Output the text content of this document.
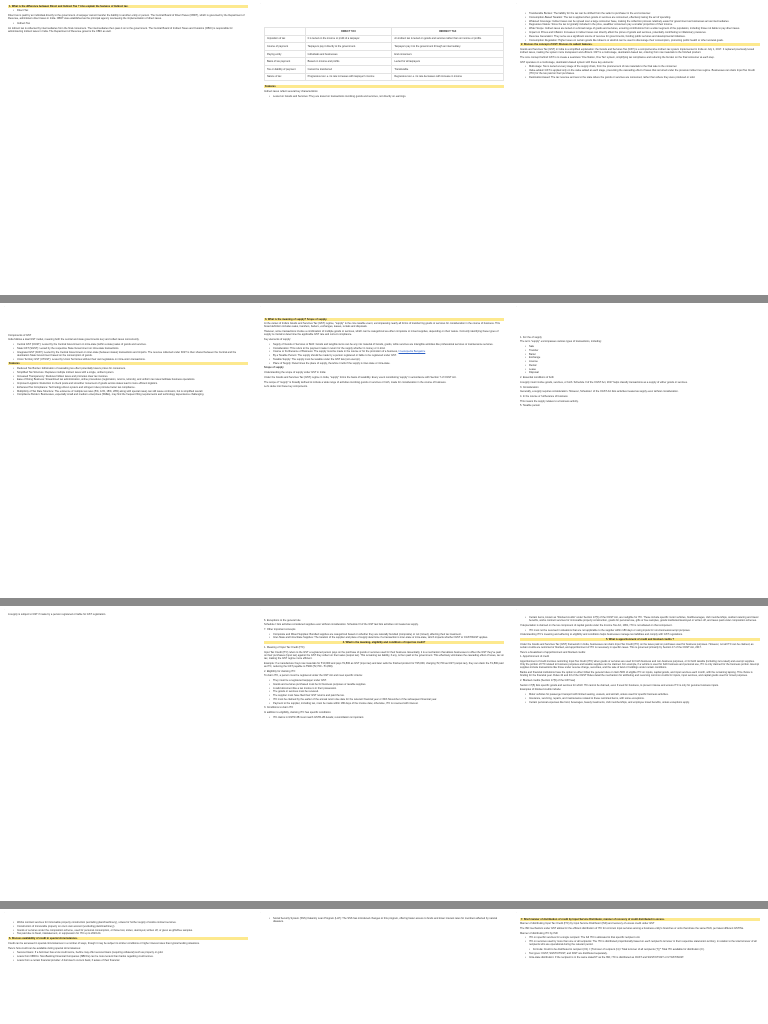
1. What is the difference between Direct and Indirect Tax ? Also explain the features of Indirect tax.
• Direct Tax
Direct tax is paid by an individual directly to the government. A taxpayer cannot transfer the liability to another entity or person. The Central Board of Direct Taxes (CBDT), which is governed by the Department of Revenue, administers direct taxes in India. CBDT was established as the principal agency overseeing the implementation of direct taxes.
• Indirect Tax
An indirect tax is collected by intermediaries from the final consumers. The intermediaries then pass it on to the government. The Central Board of Indirect Taxes and Customs (CBIC) is responsible for administering indirect taxes in India. The Department of Revenue governs the CBIC as well.
·
	DIRECT TAX	INDIRECT TAX
Imposition of tax	It is levied on the income or profit of a taxpayer.	An indirect tax is levied on goods and services rather than on income or profits.
Course of payment	Taxpayers pay it directly to the government.	Taxpayers pay it to the government through an intermediary.
Paying entity	Individuals and businesses	End consumers
Basis of tax payment	Based on income and profits	Levied for all taxpayers
Tax on liability of payment	Cannot be transferred	Transferable
Nature of tax	Progressive tax i.e. its rate increases with taxpayer's income	Regressive tax i.e. its rate decreases with increase in income
Features
Indirect taxes reflect several key characteristics:
• Levied on Goods and Services: They are levied on transactions involving goods and services, not directly on earnings.
·
• Transferable Burden: The liability for the tax can be shifted from the seller to purchaser in the end consumer.
• Consumption-Based Taxation: The tax is applied when goods or services are consumed, effectively taxing the act of spending.
• Widened Coverage: Indirect taxes can be spread over a large consumer base, making the collection process relatively easier for government as businesses act as intermediaries.
• Regressive Nature: Since the tax is typically included in the price, wealthier consumers pay a smaller proportion of their income.
• Wider Scope: Indirect taxes are levied on a broad range of goods and services, ensuring contributions from a wider segment of the population, including those not liable to pay direct taxes.
• Impact on Prices and Inflation: Increases in indirect taxes can directly affect the prices of goods and services, potentially contributing to inflationary pressures.
• Revenue Generation: They serve as a significant source of revenue for governments, funding public services and developmental initiatives.
• Consumption Regulation: Higher taxes on certain goods like tobacco or alcohol can be used to discourage their consumption, promoting public health or other societal goals.
2. Discuss the concept of GST. Discuss its salient features.
Goods and Services Tax (GST) in India is a simplified explanation: the Goods and Services Tax (GST) is a comprehensive indirect tax system implemented in India on July 1, 2017. It replaced previously levied indirect taxes, making the system more transparent and efficient. GST is a multi-stage, destination-based tax, ordering from raw materials to the finished product.
The core concept behind GST is to create a seamless 'One Nation, One Tax' system, simplifying tax compliance and reducing the burden on the final consumer at each step.
GST operates on a multi-stage, destination-based system with these key elements:
• Multi-stage: Tax is levied at every stage of the supply chain, from the procurement of raw materials to the final sale to the consumer.
• Value-added: GST is applied only on the value added at each stage, preventing the cascading effect of taxes that occurred under the previous indirect tax regime. Businesses can claim Input Tax Credit (ITC) for the tax paid on their purchases.
• Destination-based: The tax revenue accrues to the state where the goods or services are consumed, rather than where they were produced or sold.
·
Components of GST
India follows a dual GST model, meaning both the central and state governments levy and collect taxes concurrently.
• Central GST (CGST): Levied by the Central Government on intra-state (within a state) sales of goods and services.
• State GST (SGST): Levied by the respective State Government on intra-state transactions.
• Integrated GST (IGST): Levied by the Central Government on inter-state (between states) transactions and imports. The revenue collected under IGST is then shared between the Central and the destination State Government based on the consumption of goods.
• Union Territory GST (UTGST): Levied by Union Territories without their own legislature on intra-union transactions.
Features
• Reduced Tax Burden: Elimination of cascading tax effect potentially lowers prices for consumers.
• Simplified Tax Structure: Replaces multiple indirect taxes with a single, unified system.
• Increased Transparency: Reduces hidden taxes and promotes clear tax invoices.
• Ease of Doing Business: Streamlined tax administration, online procedures (registration, returns, refunds), and uniform tax rates facilitate business operations.
• Improved Logistics: Reduction in check posts and smoother movement of goods across states lead to more efficient logistics.
• Enhanced Tax Compliance: Technology-driven system and stringent rules promote better tax compliance.
• Multiplicity of Tax Rate Structure: The existence of multiple tax rates (5%, 12%, 18%, 28%) along with special rates) can still cause confusion, but is simplified overall.
• Compliance Burden: Businesses, especially small and medium enterprises (SMEs), may find the frequent filing requirements and technology dependence challenging.
·
3. What is the meaning of supply? Scope of supply.
At the outset of India's Goods and Services Tax (GST) regime, "supply" is the core taxable event, encompassing nearly all forms of transferring goods or services for consideration in the course of business. This broad definition includes sales, transfers, barters, exchanges, leases, rentals and disposals.
However, some transactions involve a combination of multiple goods or services, which can be categorized as either composite or mixed supplies, depending on their nature. Correctly identifying these types of supply is crucial to determine the applicable GST rate and correct compliance.
Key elements of supply:
• Supply of Goods or Services or Both: Goods and tangible items can be any mix material of Goods, goods, while services are intangible activities like professional services or maintenance services.
• Consideration: This refers to the payment made in return for the supply whether in money or in kind.
• Course or Furtherance of Business: The supply must be made in the course or for the promotion of a business, Investopedia Bangalore
• By a Taxable Person: The supply should be made by a person registered or liable to be registered under GST.
• Taxable Supply: The supply must be taxable under the GST law (not exempt).
• Place of Supply: Determines the place of supply, therefore it tells if the supply is inter-state or intra-state.
Scope of supply
Understanding the scope of supply under GST in India:
Under the Goods and Services Tax (GST) regime in India, "supply" forms the basis of taxability. Every event constituting 'supply' in accordance with Section 7 of CGST Act.
The scope of "supply" is broadly defined to include a wide range of activities involving goods or services or both, made for consideration in the course of business.
Let's delve into these key components.
·
1. For the of supply
The term "supply" encompasses various types of transactions, including:
• Sale
• Transfer
• Barter
• Exchange
• License
• Rental
• Lease
• Disposal
2. Essential conditions of both
A supply must involve goods, services, or both. Schedule II of the CGST Act, 2017 helps classify transactions as a supply of either goods or services.
3. Consideration
Generally, a supply requires consideration. However, Schedule I of the CGST Act lists activities treated as supply even without consideration.
4. In the course or furtherance of business
This means the supply relates to a business activity.
5. Taxable person
·
A supply is subject to GST if made by a person registered or liable for GST registration.
·
6. Exceptions to the general rule
Schedule I lists activities considered supplies even without consideration. Schedule III of the GST law lists activities not treated as supply.
7. Other important concepts
• Composite and Mixed Supplies: Bundled supplies are categorized based on whether they are naturally bundled (composite) or not (mixed), affecting their tax treatment.
• Inter-State and Intra-State Supplies: The location of the supplier and place of supply determine if a transaction is inter-state or intra-state, which impacts whether IGST or CGST/SGST applies.
4. What is the meaning, eligibility and conditions of input tax credit?
1. Meaning of Input Tax Credit (ITC)
Input Tax Credit (ITC) refers to the GST a registered person pays on the purchase of goods or services used for their business. Essentially, it is a mechanism that allows businesses to offset the GST they've paid on their purchases (input tax) against the GST they collect on their sales (output tax). This remaining tax liability, if any, is then paid to the government. This effectively eliminates the cascading effect of taxes, tax on tax, making the GST regime more efficient.
Example: If a manufacturer buys raw materials for ₹10,000 and pays ₹1,800 as GST (input tax) and later sells the finished product for ₹15,000, charging ₹2,700 as GST (output tax), they can claim the ₹1,800 paid as ITC, reducing the GST payable to ₹900 (₹2,700 - ₹1,800).
2. Eligibility for claiming ITC
To claim ITC, a person must be registered under the GST Act and meet specific criteria:
• They must be a registered taxpayer under GST.
• Goods and services purchased must be for business purposes or taxable supplies.
• A valid document like a tax invoice is in their possession.
• The goods or services must be received.
• The supplier must have filed their GST returns and paid the tax.
• ITC must be claimed by the earlier of the annual return due date for the relevant financial year or 30th November of the subsequent financial year.
• Payment to the supplier, including tax, must be made within 180 days of the invoice date; otherwise, ITC is reversed with interest.
3. Conditions to claim ITC
In addition to eligibility, claiming ITC has specific conditions:
• ITC claims in GSTR-3B must match GSTR-2B details; reconciliation is important.
·
• Certain items, known as "blocked credits" under Section 17(5) of the CGST Act, are ineligible for ITC. These include specific motor vehicles, food/beverages, club memberships, outdoor catering and travel benefits, works contract services for immovable property construction, goods for personal use, gifts or free samples, goods lost/stolen/destroyed or written off, and taxes paid under composition schemes.
If depreciation is claimed on the tax component of capital goods under the Income Tax Act, 1961, ITC is not allowed on that component.
• ITC must not be reversed in situations that are not applicable to the supplier within 180 days or using inputs for non-business/exempt purposes.
Understanding ITC's meaning and adhering to eligibility and conditions helps businesses manage tax liabilities and comply with GST regulations.
5. What is apportionment of credit and blocked credits ?
Under the Goods and Services Tax (GST) framework in India, businesses can claim Input Tax Credit (ITC) on the taxes paid on purchases used for business purposes. However, not all ITC can be claimed, as certain credits are restricted or blocked, and apportionment of ITC is necessary in specific cases. This is governed primarily by Section 17 of the CGST Act, 2017.
Here's a breakdown of apportionment and blocked credits:
1. Apportionment of credit
Apportionment of credit involves restricting Input Tax Credit (ITC) when goods or services are used for both business and non-business purposes, or for both taxable (including zero-rated) and exempt supplies. Only the portion of ITC related to business purposes and taxable supplies can be claimed. For example, if a vehicle is used for both business and personal use, ITC is only claimed for the business portion. Exempt supplies include transactions like those under reverse charge, securities, and the sale of land or buildings under certain conditions.
Banks and financial institutions have the option to either follow the general rules or claim 50% of eligible ITC on inputs, capital goods, and input services each month, with the remaining lapsing. This choice is binding for the financial year. Rules 42 and 43 of the CGST Rules detail the mechanism for attributing and reversing common credits for inputs, input services, and capital goods used for mixed purposes.
2. Blocked credits (Section 17(5) of the GST law)
Section 17(5) lists specific goods and services for which ITC cannot be claimed, even if used for business, to prevent misuse and ensure ITC is only for genuine business inputs.
Examples of blocked credits include:
• Motor vehicles for passenger transport with limited seating, vessels, and aircraft, unless used for specific business activities.
• Insurance, servicing, repairs, and maintenance related to these restricted items, with some exceptions.
• Certain personal expenses like food, beverages, beauty treatments, club memberships, and employee travel benefits, unless exceptions apply.
·
• Works contract services for immovable property construction (excluding plant/machinery), unless for further supply of works contract services.
• Construction of immovable property on one's own account (excluding plant/machinery).
• Goods or services under the composition scheme, used for personal consumption, or those lost, stolen, destroyed, written off, or given as gifts/free samples.
• Tax paid due to fraud, misstatement, or suppression for ITC up to 2023-24.
6. Discuss availability of credit in special circumstances.
Credit can be accessed in special circumstances in a number of ways, though it may be subject to stricter conditions or higher interest rates than typical lending situations.
Here's how credit can be available during special circumstances:
• Secured loans: If a borrower has a low credit score, he/she may offer secured loans (requiring collateral) such as property or gold.
• Loans from NBFCs: Non-Banking Financial Companies (NBFCs) can be more lenient than banks regarding credit scores.
• Loans from a certain financial provider: A borrower's current bank, if aware of their financial
·
• Social Security System (SSS) Calamity Loan Program (LLP): The SSS has introduced changes to this program, offering faster access to funds and lower interest rates for members affected by natural disasters.
·
7. Brief manner of distribution of credit by Input Service Distributor, manner of recovery of credit distributed in excess.
Manner of distributing Input Tax Credit (ITC) by Input Service Distributor (ISD) and recovery of excess credit under GST
The ISD mechanism under GST allows for the efficient distribution of ITC for common input services among a business entity's branches or units that share the same PAN, per latest different GSTINs.
Manner of distributing ITC by ISD
• ITC on specific services for a single recipient: The full ITC is allocated to that specific recipient unit.
• ITC on services used by more than one or all recipients: The ITC is distributed proportionally based on each recipient's turnover in their respective state/union territory, in relation to the total turnover of all recipients who are operational during the relevant period.
• Formula: Credit to be distributed to recipient (C1) = [Turnover of recipient (t1) / Total turnover of all recipients (T)] * Total ITC available for distribution (C).
• Tax types: CGST, SGST/UTGST, and IGST are distributed separately.
• Intra-state distribution: If the recipient is in the same state/UT as the ISD, ITC is distributed as CGST and SGST/UTGST or UTGST/SGST.
